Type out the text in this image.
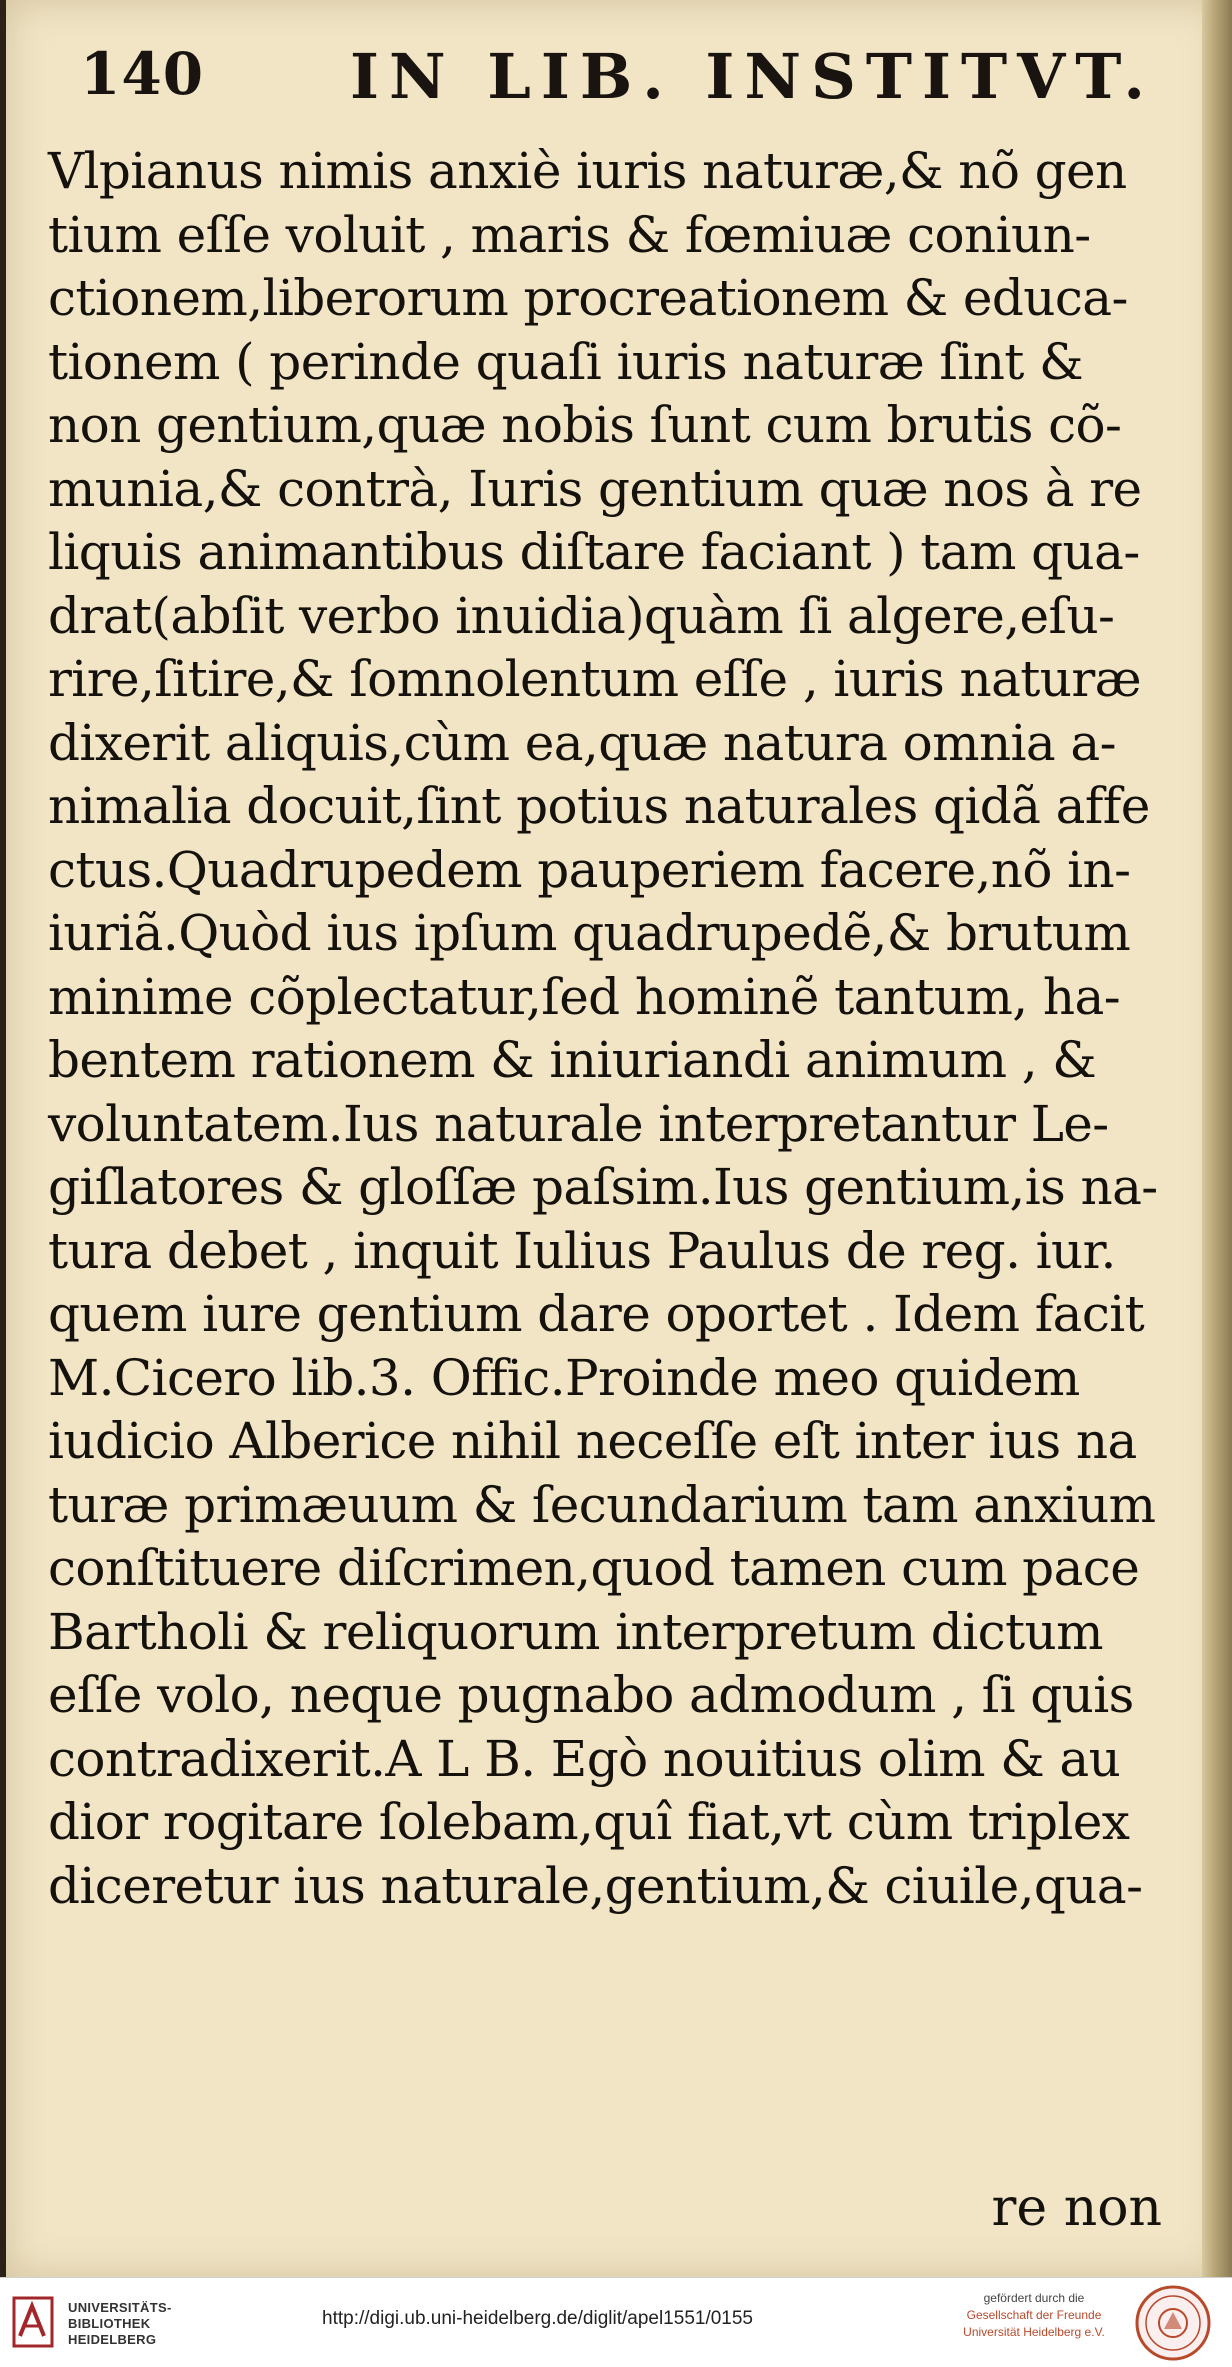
140 IN LIB. INSTITVT.
Vlpianus nimis anxiè iuris naturæ,& nõ gen
tium eſſe voluit , maris & fœmiuæ coniun-
ctionem,liberorum procreationem & educa-
tionem ( perinde quaſi iuris naturæ ſint &
non gentium,quæ nobis ſunt cum brutis cõ-
munia,& contrà, Iuris gentium quæ nos à re
liquis animantibus diſtare faciant ) tam qua-
drat(abſit verbo inuidia)quàm ſi algere,eſu-
rire,ſitire,& ſomnolentum eſſe , iuris naturæ
dixerit aliquis,cùm ea,quæ natura omnia a-
nimalia docuit,ſint potius naturales qidã affe
ctus.Quadrupedem pauperiem facere,nõ in-
iuriã.Quòd ius ipſum quadrupedẽ,& brutum
minime cõplectatur,ſed hominẽ tantum, ha-
bentem rationem & iniuriandi animum , &
voluntatem.Ius naturale interpretantur Le-
giſlatores & gloſſæ paſsim.Ius gentium,is na-
tura debet , inquit Iulius Paulus de reg. iur.
quem iure gentium dare oportet . Idem facit
M.Cicero lib.3. Offic.Proinde meo quidem
iudicio Alberice nihil neceſſe eſt inter ius na
turæ primæuum & ſecundarium tam anxium
conſtituere diſcrimen,quod tamen cum pace
Bartholi & reliquorum interpretum dictum
eſſe volo, neque pugnabo admodum , ſi quis
contradixerit.A L B. Egò nouitius olim & au
dior rogitare ſolebam,quî fiat,vt cùm triplex
diceretur ius naturale,gentium,& ciuile,qua-
re non
UNIVERSITÄTS-
BIBLIOTHEK
HEIDELBERG
http://digi.ub.uni-heidelberg.de/diglit/apel1551/0155
gefördert durch die
Gesellschaft der Freunde
Universität Heidelberg e.V.
